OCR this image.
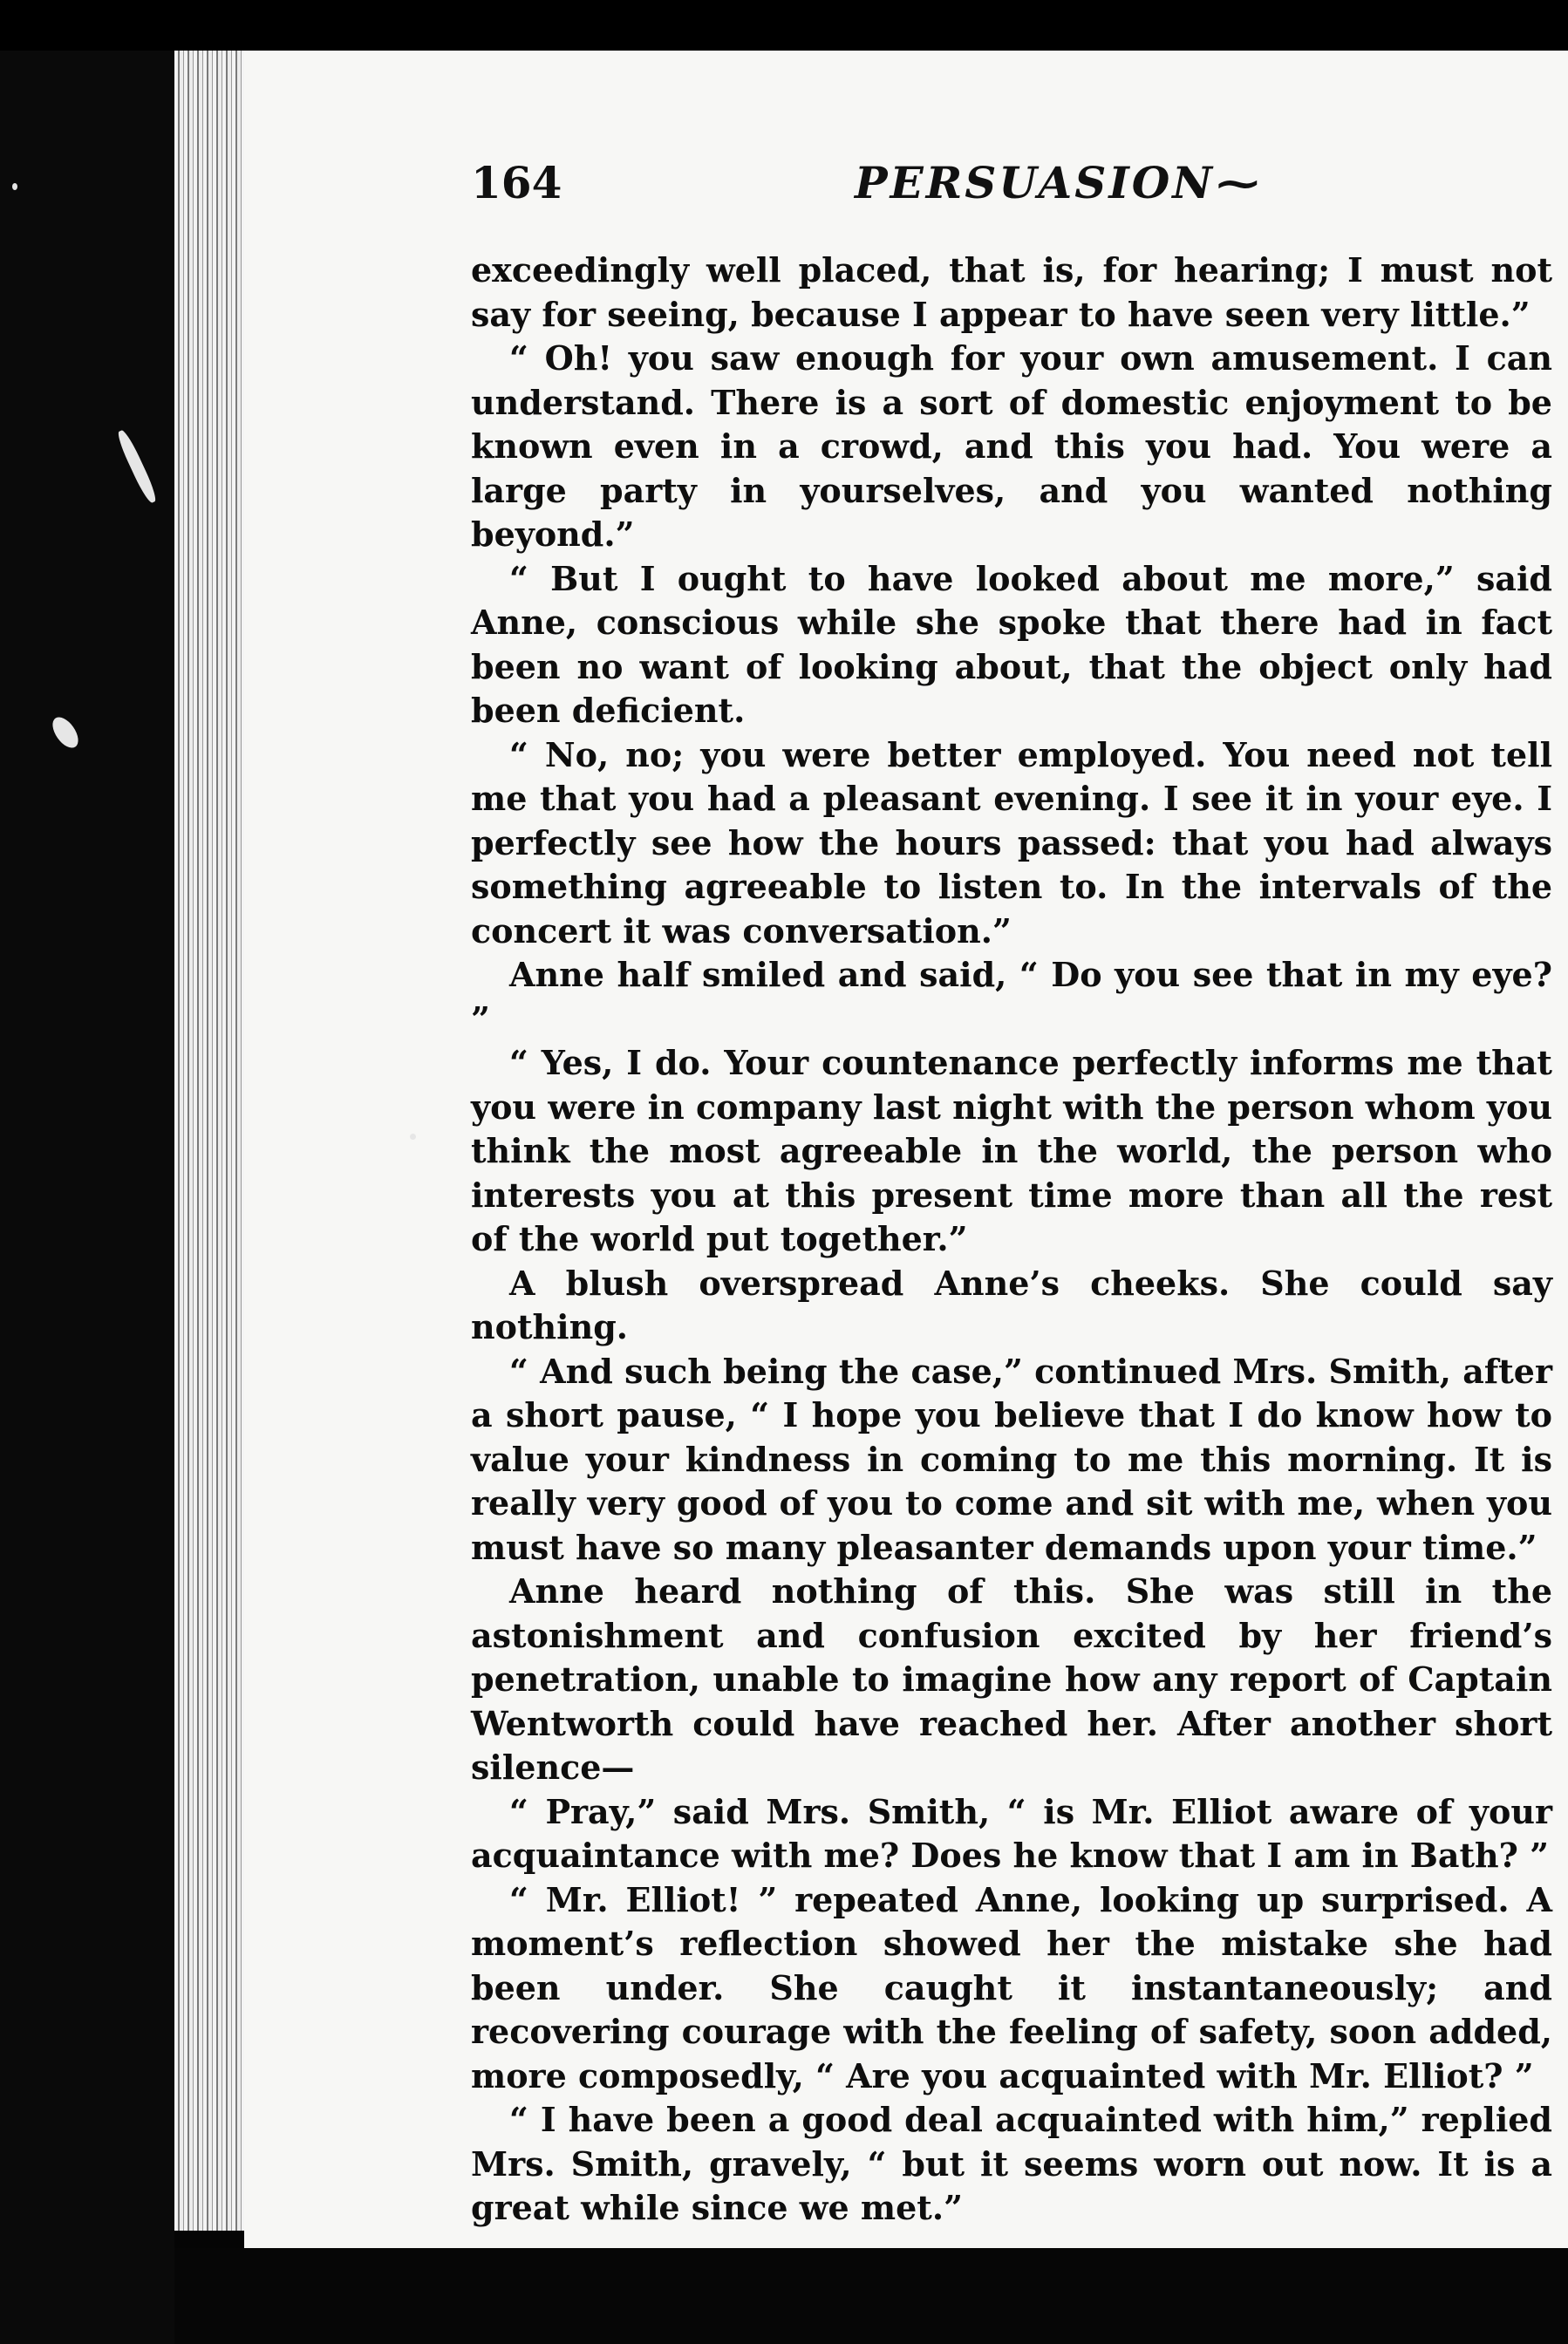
164	PERSUASION~

exceedingly well placed, that is, for hearing; I must not say for seeing, because I appear to have seen very little.”

“ Oh! you saw enough for your own amusement. I can understand. There is a sort of domestic enjoyment to be known even in a crowd, and this you had. You were a large party in yourselves, and you wanted nothing beyond.”

“ But I ought to have looked about me more,” said Anne, conscious while she spoke that there had in fact been no want of looking about, that the object only had been deficient.

“ No, no; you were better employed. You need not tell me that you had a pleasant evening. I see it in your eye. I perfectly see how the hours passed: that you had always something agreeable to listen to. In the intervals of the concert it was conversation.”

Anne half smiled and said, “ Do you see that in my eye? ”

“ Yes, I do. Your countenance perfectly informs me that you were in company last night with the person whom you think the most agreeable in the world, the person who interests you at this present time more than all the rest of the world put together.”

A blush overspread Anne’s cheeks. She could say nothing.

“ And such being the case,” continued Mrs. Smith, after a short pause, “ I hope you believe that I do know how to value your kindness in coming to me this morning. It is really very good of you to come and sit with me, when you must have so many pleasanter demands upon your time.”

Anne heard nothing of this. She was still in the astonishment and confusion excited by her friend’s penetration, unable to imagine how any report of Captain Wentworth could have reached her. After another short silence—

“ Pray,” said Mrs. Smith, “ is Mr. Elliot aware of your acquaintance with me? Does he know that I am in Bath? ”

“ Mr. Elliot! ” repeated Anne, looking up surprised. A moment’s reflection showed her the mistake she had been under. She caught it instantaneously; and recovering courage with the feeling of safety, soon added, more composedly, “ Are you acquainted with Mr. Elliot? ”

“ I have been a good deal acquainted with him,” replied Mrs. Smith, gravely, “ but it seems worn out now. It is a great while since we met.”
